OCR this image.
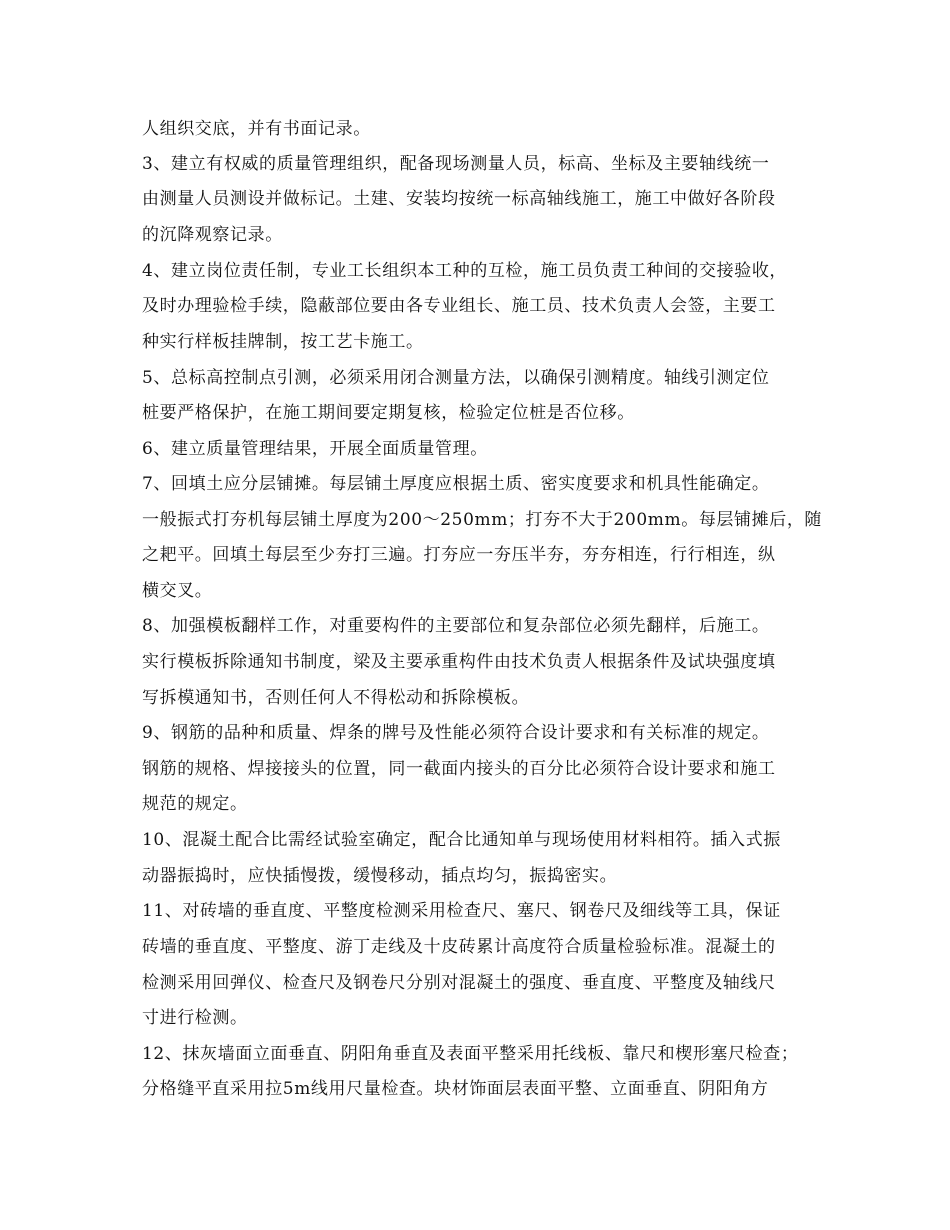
人组织交底，并有书面记录。

3、建立有权威的质量管理组织，配备现场测量人员，标高、坐标及主要轴线统一

由测量人员测设并做标记。土建、安装均按统一标高轴线施工，施工中做好各阶段

的沉降观察记录。

4、建立岗位责任制，专业工长组织本工种的互检，施工员负责工种间的交接验收，

及时办理验检手续，隐蔽部位要由各专业组长、施工员、技术负责人会签，主要工

种实行样板挂牌制，按工艺卡施工。

5、总标高控制点引测，必须采用闭合测量方法，以确保引测精度。轴线引测定位

桩要严格保护，在施工期间要定期复核，检验定位桩是否位移。

6、建立质量管理结果，开展全面质量管理。

7、回填土应分层铺摊。每层铺土厚度应根据土质、密实度要求和机具性能确定。

一般振式打夯机每层铺土厚度为200～250mm；打夯不大于200mm。每层铺摊后，随

之耙平。回填土每层至少夯打三遍。打夯应一夯压半夯，夯夯相连，行行相连，纵

横交叉。

8、加强模板翻样工作，对重要构件的主要部位和复杂部位必须先翻样，后施工。

实行模板拆除通知书制度，梁及主要承重构件由技术负责人根据条件及试块强度填

写拆模通知书，否则任何人不得松动和拆除模板。

9、钢筋的品种和质量、焊条的牌号及性能必须符合设计要求和有关标准的规定。

钢筋的规格、焊接接头的位置，同一截面内接头的百分比必须符合设计要求和施工

规范的规定。

10、混凝土配合比需经试验室确定，配合比通知单与现场使用材料相符。插入式振

动器振捣时，应快插慢拨，缓慢移动，插点均匀，振捣密实。

11、对砖墙的垂直度、平整度检测采用检查尺、塞尺、钢卷尺及细线等工具，保证

砖墙的垂直度、平整度、游丁走线及十皮砖累计高度符合质量检验标准。混凝土的

检测采用回弹仪、检查尺及钢卷尺分别对混凝土的强度、垂直度、平整度及轴线尺

寸进行检测。

12、抹灰墙面立面垂直、阴阳角垂直及表面平整采用托线板、靠尺和楔形塞尺检查；

分格缝平直采用拉5m线用尺量检查。块材饰面层表面平整、立面垂直、阴阳角方
